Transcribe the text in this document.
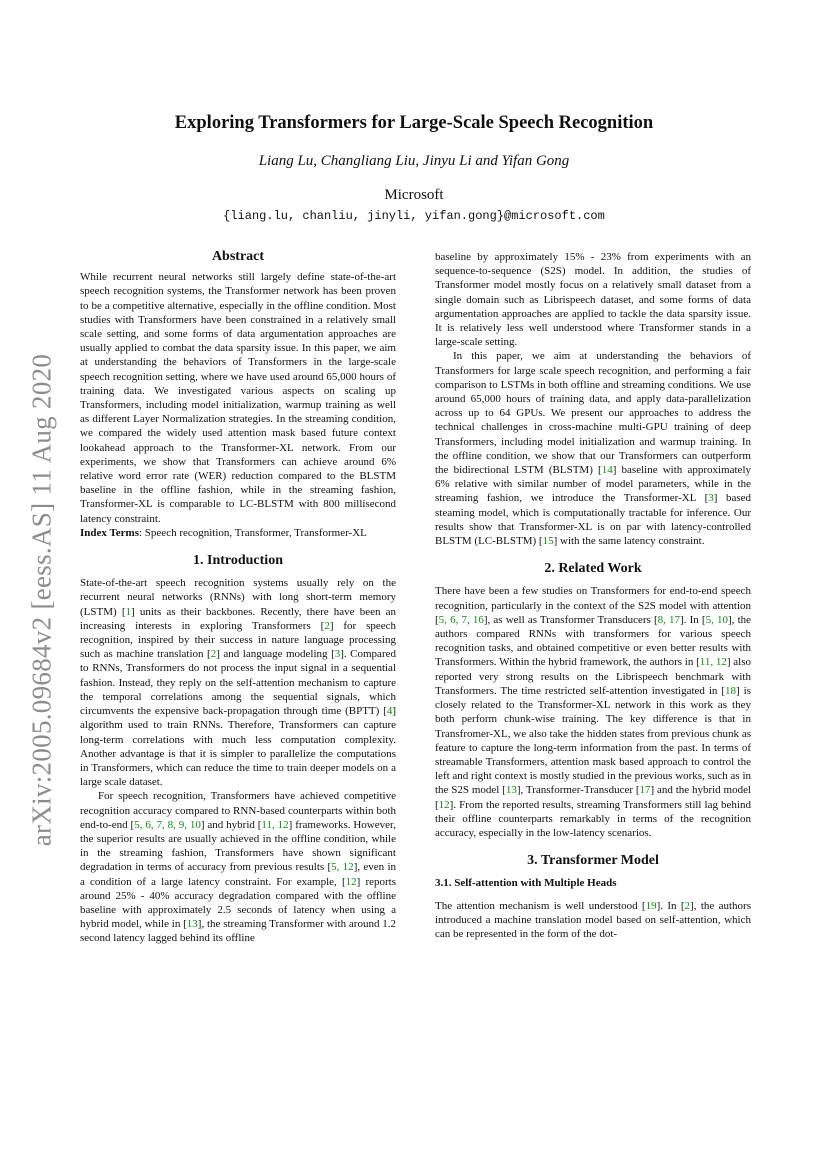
arXiv:2005.09684v2 [eess.AS] 11 Aug 2020
Exploring Transformers for Large-Scale Speech Recognition
Liang Lu, Changliang Liu, Jinyu Li and Yifan Gong
Microsoft
{liang.lu, chanliu, jinyli, yifan.gong}@microsoft.com
Abstract

While recurrent neural networks still largely define state-of-the-art speech recognition systems, the Transformer network has been proven to be a competitive alternative, especially in the offline condition. Most studies with Transformers have been constrained in a relatively small scale setting, and some forms of data argumentation approaches are usually applied to combat the data sparsity issue. In this paper, we aim at understanding the behaviors of Transformers in the large-scale speech recognition setting, where we have used around 65,000 hours of training data. We investigated various aspects on scaling up Transformers, including model initialization, warmup training as well as different Layer Normalization strategies. In the streaming condition, we compared the widely used attention mask based future context lookahead approach to the Transformer-XL network. From our experiments, we show that Transformers can achieve around 6% relative word error rate (WER) reduction compared to the BLSTM baseline in the offline fashion, while in the streaming fashion, Transformer-XL is comparable to LC-BLSTM with 800 millisecond latency constraint.

Index Terms: Speech recognition, Transformer, Transformer-XL

1. Introduction

State-of-the-art speech recognition systems usually rely on the recurrent neural networks (RNNs) with long short-term memory (LSTM) [1] units as their backbones. Recently, there have been an increasing interests in exploring Transformers [2] for speech recognition, inspired by their success in nature language processing such as machine translation [2] and language modeling [3]. Compared to RNNs, Transformers do not process the input signal in a sequential fashion. Instead, they reply on the self-attention mechanism to capture the temporal correlations among the sequential signals, which circumvents the expensive back-propagation through time (BPTT) [4] algorithm used to train RNNs. Therefore, Transformers can capture long-term correlations with much less computation complexity. Another advantage is that it is simpler to parallelize the computations in Transformers, which can reduce the time to train deeper models on a large scale dataset.

For speech recognition, Transformers have achieved competitive recognition accuracy compared to RNN-based counterparts within both end-to-end [5, 6, 7, 8, 9, 10] and hybrid [11, 12] frameworks. However, the superior results are usually achieved in the offline condition, while in the streaming fashion, Transformers have shown significant degradation in terms of accuracy from previous results [5, 12], even in a condition of a large latency constraint. For example, [12] reports around 25% - 40% accuracy degradation compared with the offline baseline with approximately 2.5 seconds of latency when using a hybrid model, while in [13], the streaming Transformer with around 1.2 second latency lagged behind its offline

baseline by approximately 15% - 23% from experiments with an sequence-to-sequence (S2S) model. In addition, the studies of Transformer model mostly focus on a relatively small dataset from a single domain such as Librispeech dataset, and some forms of data argumentation approaches are applied to tackle the data sparsity issue. It is relatively less well understood where Transformer stands in a large-scale setting.

In this paper, we aim at understanding the behaviors of Transformers for large scale speech recognition, and performing a fair comparison to LSTMs in both offline and streaming conditions. We use around 65,000 hours of training data, and apply data-parallelization across up to 64 GPUs. We present our approaches to address the technical challenges in cross-machine multi-GPU training of deep Transformers, including model initialization and warmup training. In the offline condition, we show that our Transformers can outperform the bidirectional LSTM (BLSTM) [14] baseline with approximately 6% relative with similar number of model parameters, while in the streaming fashion, we introduce the Transformer-XL [3] based steaming model, which is computationally tractable for inference. Our results show that Transformer-XL is on par with latency-controlled BLSTM (LC-BLSTM) [15] with the same latency constraint.

2. Related Work

There have been a few studies on Transformers for end-to-end speech recognition, particularly in the context of the S2S model with attention [5, 6, 7, 16], as well as Transformer Transducers [8, 17]. In [5, 10], the authors compared RNNs with transformers for various speech recognition tasks, and obtained competitive or even better results with Transformers. Within the hybrid framework, the authors in [11, 12] also reported very strong results on the Librispeech benchmark with Transformers. The time restricted self-attention investigated in [18] is closely related to the Transformer-XL network in this work as they both perform chunk-wise training. The key difference is that in Transfromer-XL, we also take the hidden states from previous chunk as feature to capture the long-term information from the past. In terms of streamable Transformers, attention mask based approach to control the left and right context is mostly studied in the previous works, such as in the S2S model [13], Transformer-Transducer [17] and the hybrid model [12]. From the reported results, streaming Transformers still lag behind their offline counterparts remarkably in terms of the recognition accuracy, especially in the low-latency scenarios.

3. Transformer Model
3.1. Self-attention with Multiple Heads

The attention mechanism is well understood [19]. In [2], the authors introduced a machine translation model based on self-attention, which can be represented in the form of the dot-
